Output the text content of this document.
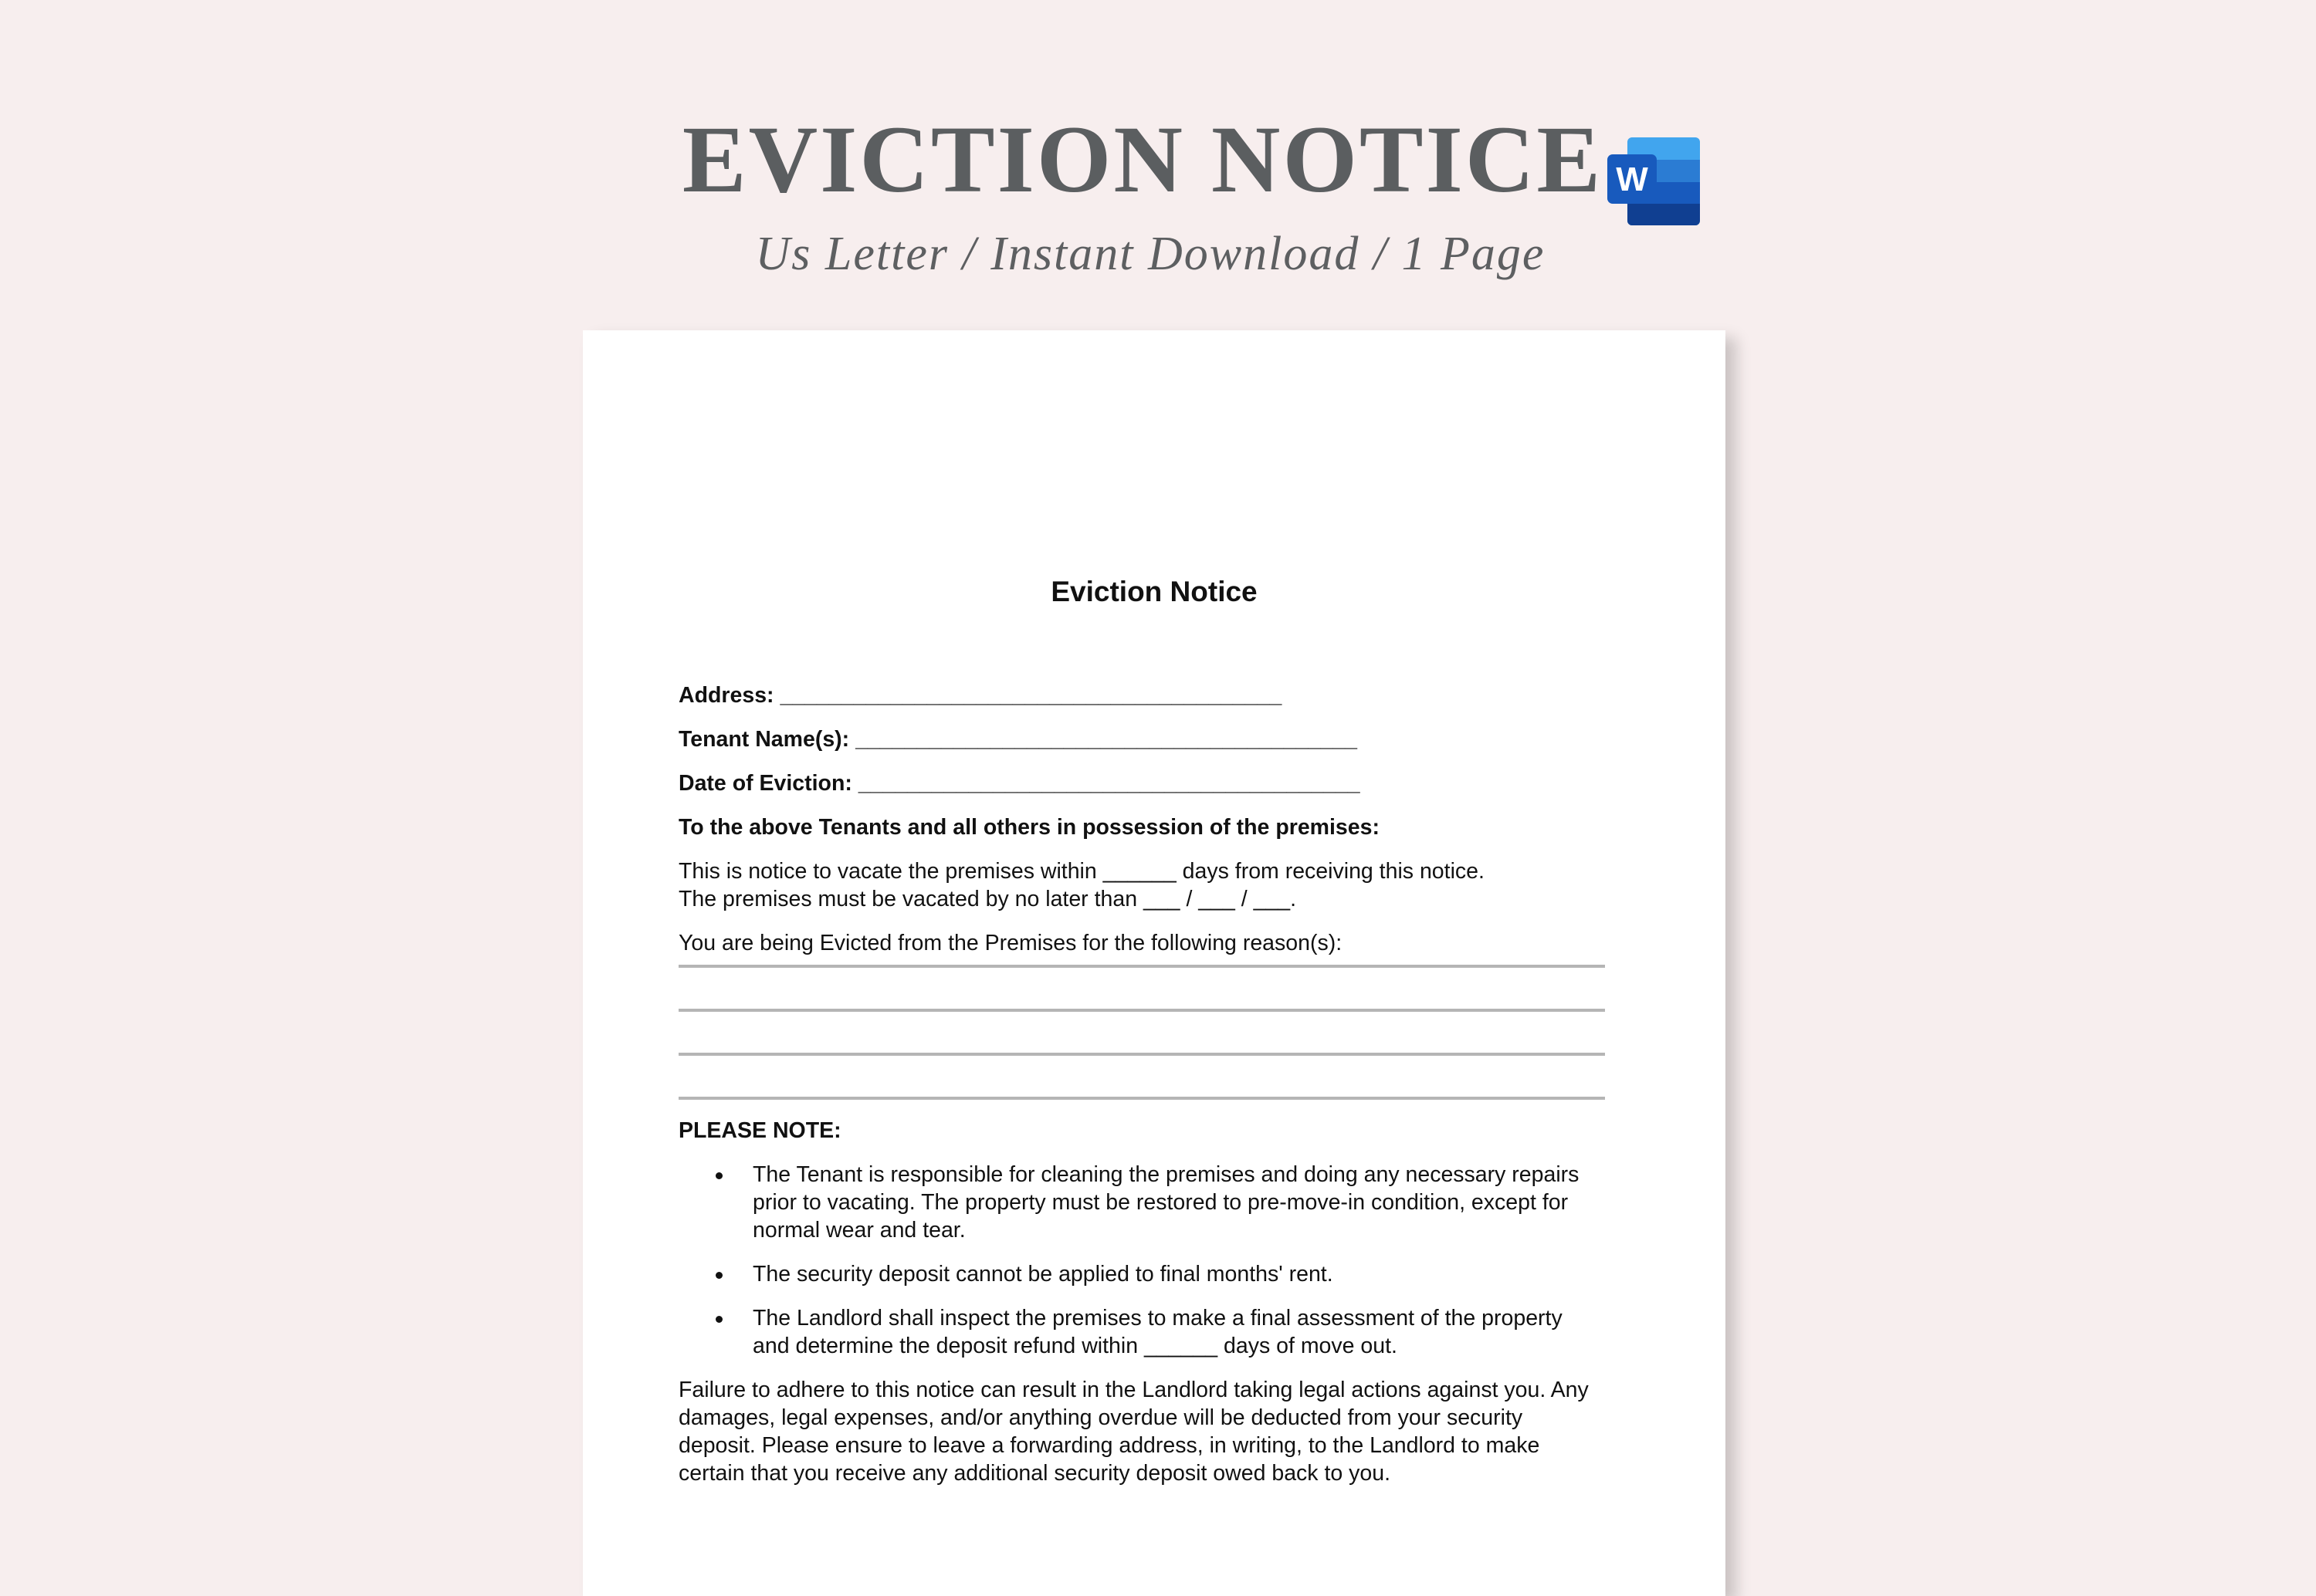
EVICTION NOTICE
Us Letter / Instant Download / 1 Page
W
Eviction Notice
Address: _________________________________________
Tenant Name(s): _________________________________________
Date of Eviction: _________________________________________
To the above Tenants and all others in possession of the premises:
This is notice to vacate the premises within ______ days from receiving this notice.
The premises must be vacated by no later than ___ / ___ / ___.
You are being Evicted from the Premises for the following reason(s):
PLEASE NOTE:
The Tenant is responsible for cleaning the premises and doing any necessary repairs prior to vacating. The property must be restored to pre-move-in condition, except for normal wear and tear.
The security deposit cannot be applied to final months' rent.
The Landlord shall inspect the premises to make a final assessment of the property and determine the deposit refund within ______ days of move out.
Failure to adhere to this notice can result in the Landlord taking legal actions against you. Any damages, legal expenses, and/or anything overdue will be deducted from your security deposit. Please ensure to leave a forwarding address, in writing, to the Landlord to make certain that you receive any additional security deposit owed back to you.
